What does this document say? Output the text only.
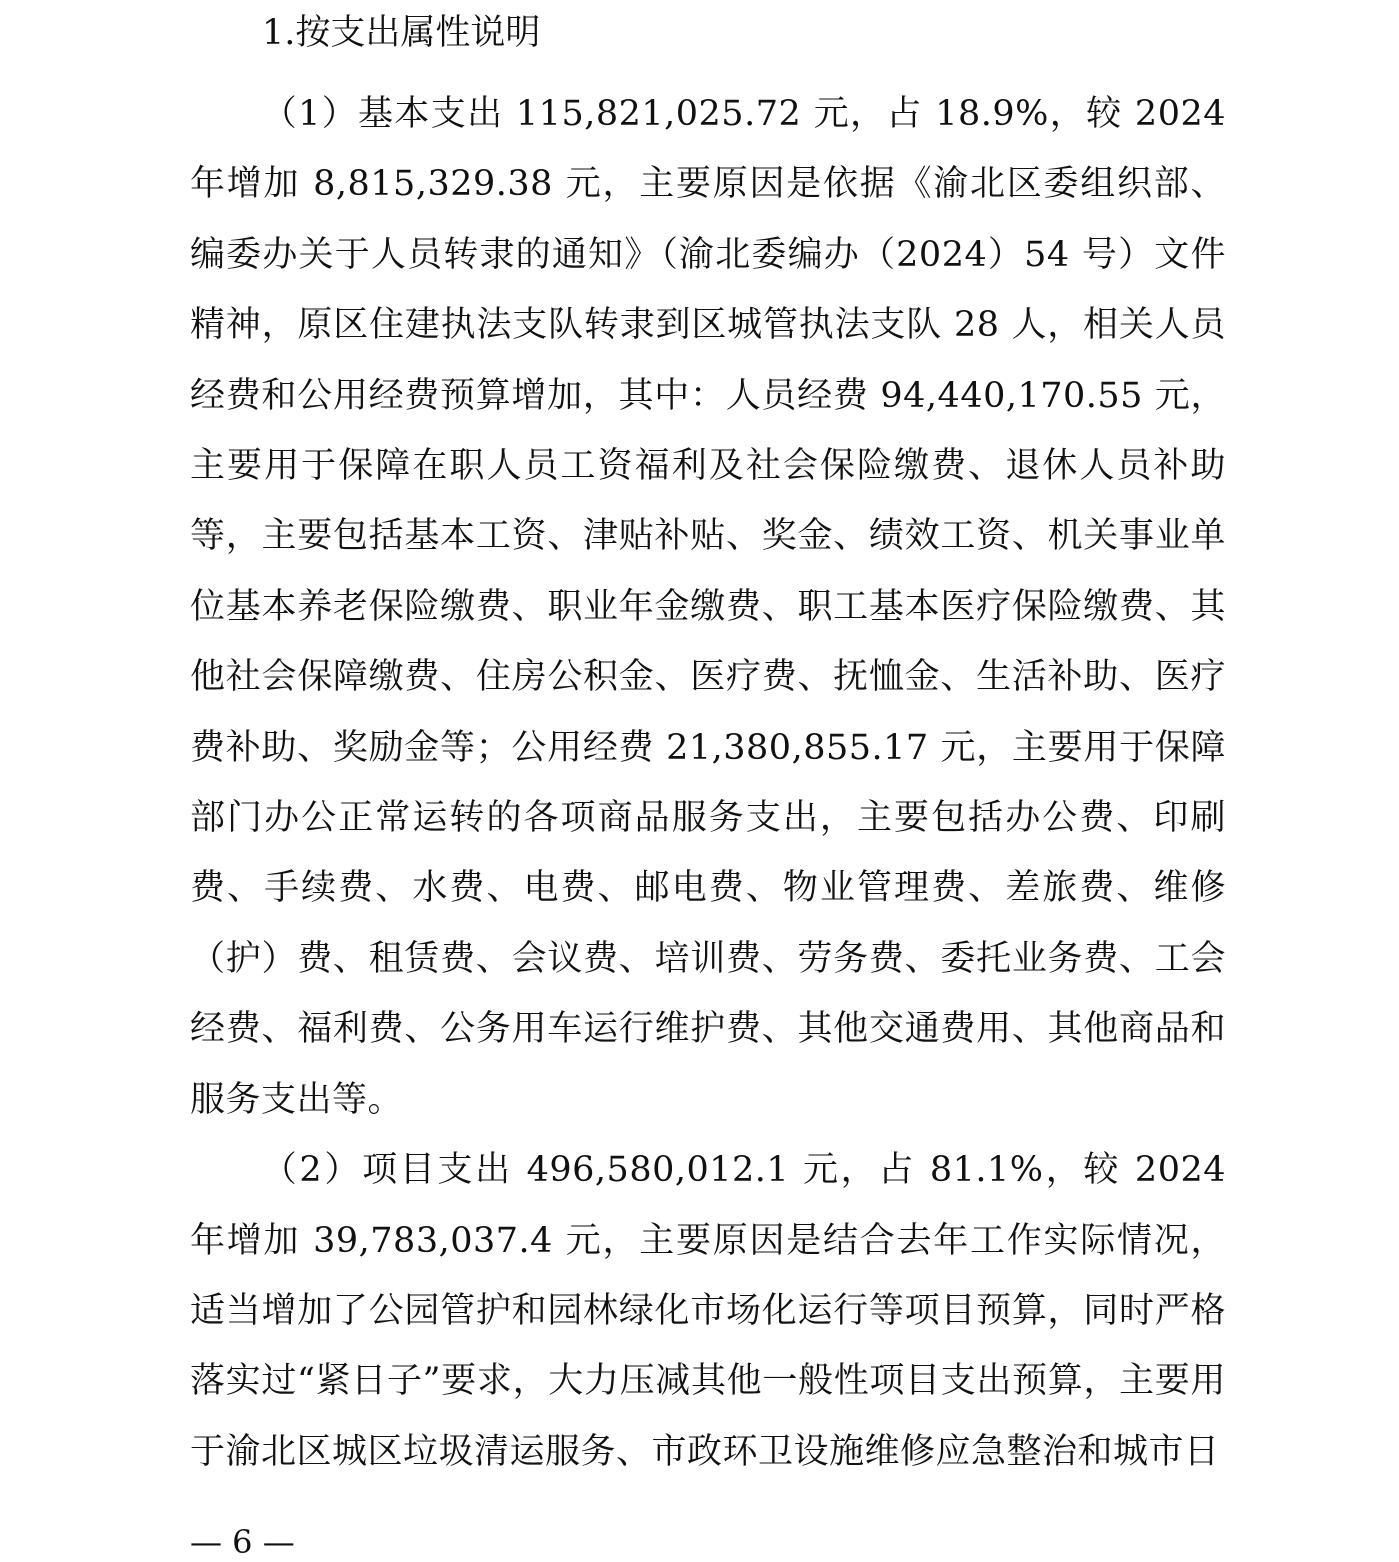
1.按支出属性说明

（1）基本支出 115,821,025.72 元，占 18.9%，较 2024 年增加 8,815,329.38 元，主要原因是依据《渝北区委组织部、编委办关于人员转隶的通知》（渝北委编办（2024）54 号）文件精神，原区住建执法支队转隶到区城管执法支队 28 人，相关人员经费和公用经费预算增加，其中：人员经费 94,440,170.55 元，主要用于保障在职人员工资福利及社会保险缴费、退休人员补助等，主要包括基本工资、津贴补贴、奖金、绩效工资、机关事业单位基本养老保险缴费、职业年金缴费、职工基本医疗保险缴费、其他社会保障缴费、住房公积金、医疗费、抚恤金、生活补助、医疗费补助、奖励金等；公用经费 21,380,855.17 元，主要用于保障部门办公正常运转的各项商品服务支出，主要包括办公费、印刷费、手续费、水费、电费、邮电费、物业管理费、差旅费、维修（护）费、租赁费、会议费、培训费、劳务费、委托业务费、工会经费、福利费、公务用车运行维护费、其他交通费用、其他商品和服务支出等。

（2）项目支出 496,580,012.1 元，占 81.1%，较 2024 年增加 39,783,037.4 元，主要原因是结合去年工作实际情况，适当增加了公园管护和园林绿化市场化运行等项目预算，同时严格落实过“紧日子”要求，大力压减其他一般性项目支出预算，主要用于渝北区城区垃圾清运服务、市政环卫设施维修应急整治和城市日

— 6 —
